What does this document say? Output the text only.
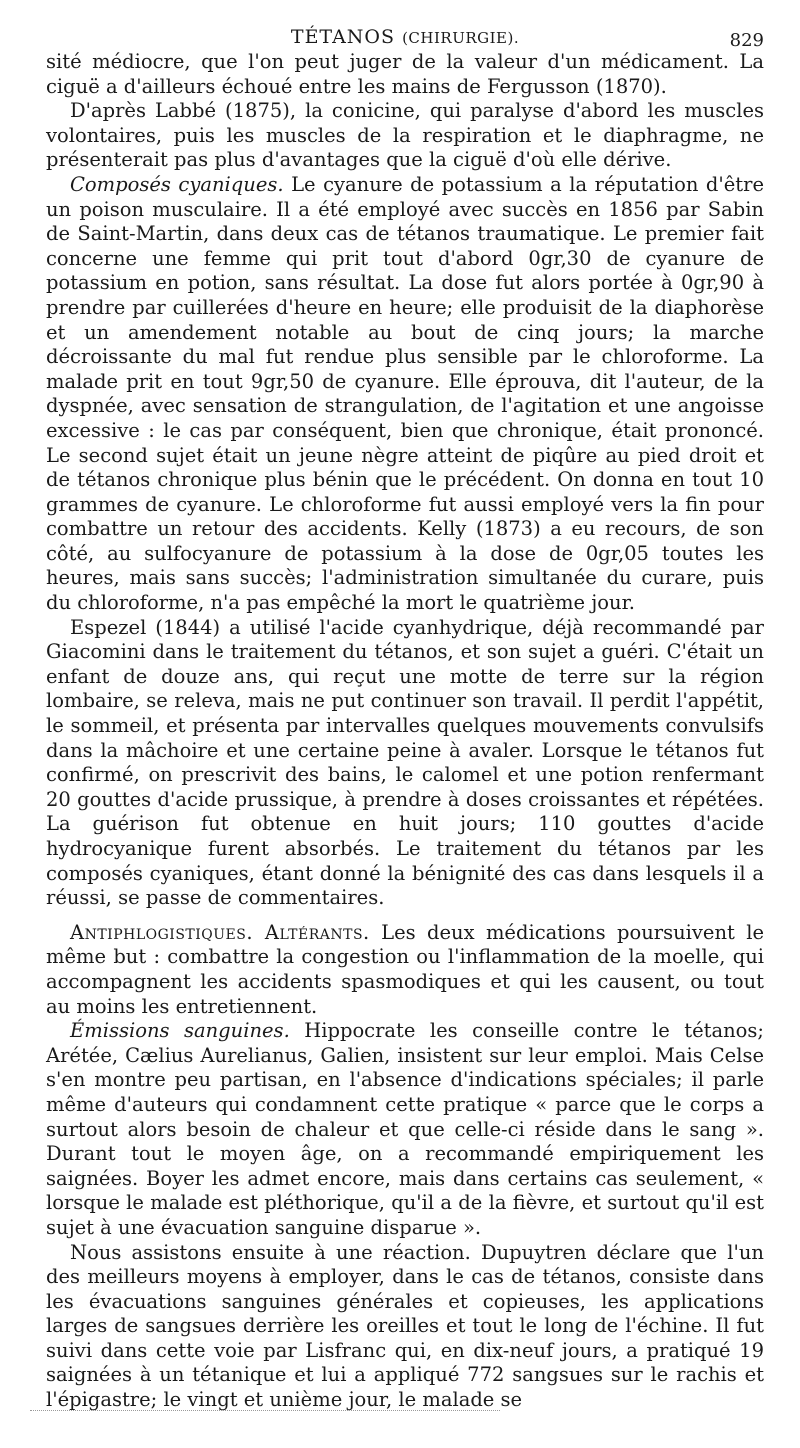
TÉTANOS (CHIRURGIE).	829

sité médiocre, que l'on peut juger de la valeur d'un médicament. La ciguë a d'ailleurs échoué entre les mains de Fergusson (1870).

D'après Labbé (1875), la conicine, qui paralyse d'abord les muscles volontaires, puis les muscles de la respiration et le diaphragme, ne présenterait pas plus d'avantages que la ciguë d'où elle dérive.

Composés cyaniques. Le cyanure de potassium a la réputation d'être un poison musculaire. Il a été employé avec succès en 1856 par Sabin de Saint-Martin, dans deux cas de tétanos traumatique. Le premier fait concerne une femme qui prit tout d'abord 0gr,30 de cyanure de potassium en potion, sans résultat. La dose fut alors portée à 0gr,90 à prendre par cuillerées d'heure en heure; elle produisit de la diaphorèse et un amendement notable au bout de cinq jours; la marche décroissante du mal fut rendue plus sensible par le chloroforme. La malade prit en tout 9gr,50 de cyanure. Elle éprouva, dit l'auteur, de la dyspnée, avec sensation de strangulation, de l'agitation et une angoisse excessive : le cas par conséquent, bien que chronique, était prononcé. Le second sujet était un jeune nègre atteint de piqûre au pied droit et de tétanos chronique plus bénin que le précédent. On donna en tout 10 grammes de cyanure. Le chloroforme fut aussi employé vers la fin pour combattre un retour des accidents. Kelly (1873) a eu recours, de son côté, au sulfocyanure de potassium à la dose de 0gr,05 toutes les heures, mais sans succès; l'administration simultanée du curare, puis du chloroforme, n'a pas empêché la mort le quatrième jour.

Espezel (1844) a utilisé l'acide cyanhydrique, déjà recommandé par Giacomini dans le traitement du tétanos, et son sujet a guéri. C'était un enfant de douze ans, qui reçut une motte de terre sur la région lombaire, se releva, mais ne put continuer son travail. Il perdit l'appétit, le sommeil, et présenta par intervalles quelques mouvements convulsifs dans la mâchoire et une certaine peine à avaler. Lorsque le tétanos fut confirmé, on prescrivit des bains, le calomel et une potion renfermant 20 gouttes d'acide prussique, à prendre à doses croissantes et répétées. La guérison fut obtenue en huit jours; 110 gouttes d'acide hydrocyanique furent absorbés. Le traitement du tétanos par les composés cyaniques, étant donné la bénignité des cas dans lesquels il a réussi, se passe de commentaires.

Antiphlogistiques. Altérants. Les deux médications poursuivent le même but : combattre la congestion ou l'inflammation de la moelle, qui accompagnent les accidents spasmodiques et qui les causent, ou tout au moins les entretiennent.

Émissions sanguines. Hippocrate les conseille contre le tétanos; Arétée, Cælius Aurelianus, Galien, insistent sur leur emploi. Mais Celse s'en montre peu partisan, en l'absence d'indications spéciales; il parle même d'auteurs qui condamnent cette pratique « parce que le corps a surtout alors besoin de chaleur et que celle-ci réside dans le sang ». Durant tout le moyen âge, on a recommandé empiriquement les saignées. Boyer les admet encore, mais dans certains cas seulement, « lorsque le malade est pléthorique, qu'il a de la fièvre, et surtout qu'il est sujet à une évacuation sanguine disparue ».

Nous assistons ensuite à une réaction. Dupuytren déclare que l'un des meilleurs moyens à employer, dans le cas de tétanos, consiste dans les évacuations sanguines générales et copieuses, les applications larges de sangsues derrière les oreilles et tout le long de l'échine. Il fut suivi dans cette voie par Lisfranc qui, en dix-neuf jours, a pratiqué 19 saignées à un tétanique et lui a appliqué 772 sangsues sur le rachis et l'épigastre; le vingt et unième jour, le malade se
